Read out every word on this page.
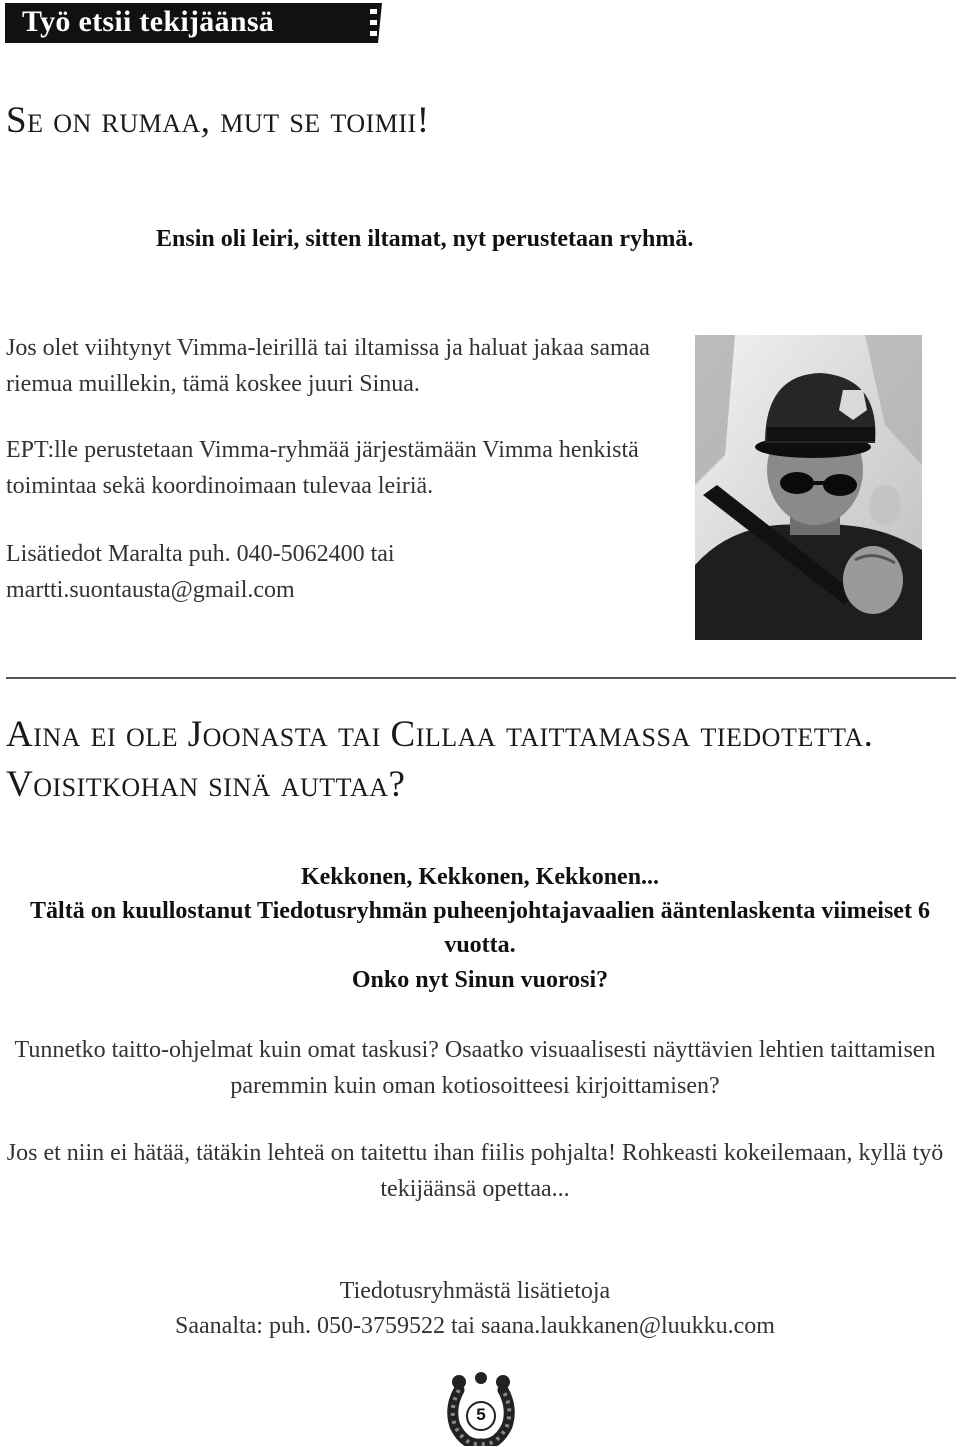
Työ etsii tekijäänsä
Se on rumaa, mut se toimii!

Ensin oli leiri, sitten iltamat, nyt perustetaan ryhmä.

Jos olet viihtynyt Vimma-leirillä tai iltamissa ja haluat jakaa samaa riemua muillekin, tämä koskee juuri Sinua.

EPT:lle perustetaan Vimma-ryhmää järjestämään Vimma henkistä toimintaa sekä koordinoimaan tulevaa leiriä.

Lisätiedot Maralta puh. 040-5062400 tai martti.suontausta@gmail.com

Aina ei ole Joonasta tai Cillaa taittamassa tiedotetta.
Voisitkohan sinä auttaa?

Kekkonen, Kekkonen, Kekkonen...

Tältä on kuullostanut Tiedotusryhmän puheenjohtajavaalien ääntenlaskenta viimeiset 6 vuotta.

Onko nyt Sinun vuorosi?

Tunnetko taitto-ohjelmat kuin omat taskusi? Osaatko visuaalisesti näyttävien lehtien taittamisen paremmin kuin oman kotiosoitteesi kirjoittamisen?

Jos et niin ei hätää, tätäkin lehteä on taitettu ihan fiilis pohjalta! Rohkeasti kokeilemaan, kyllä työ tekijäänsä opettaa...

Tiedotusryhmästä lisätietoja

Saanalta: puh. 050-3759522 tai saana.laukkanen@luukku.com

5
